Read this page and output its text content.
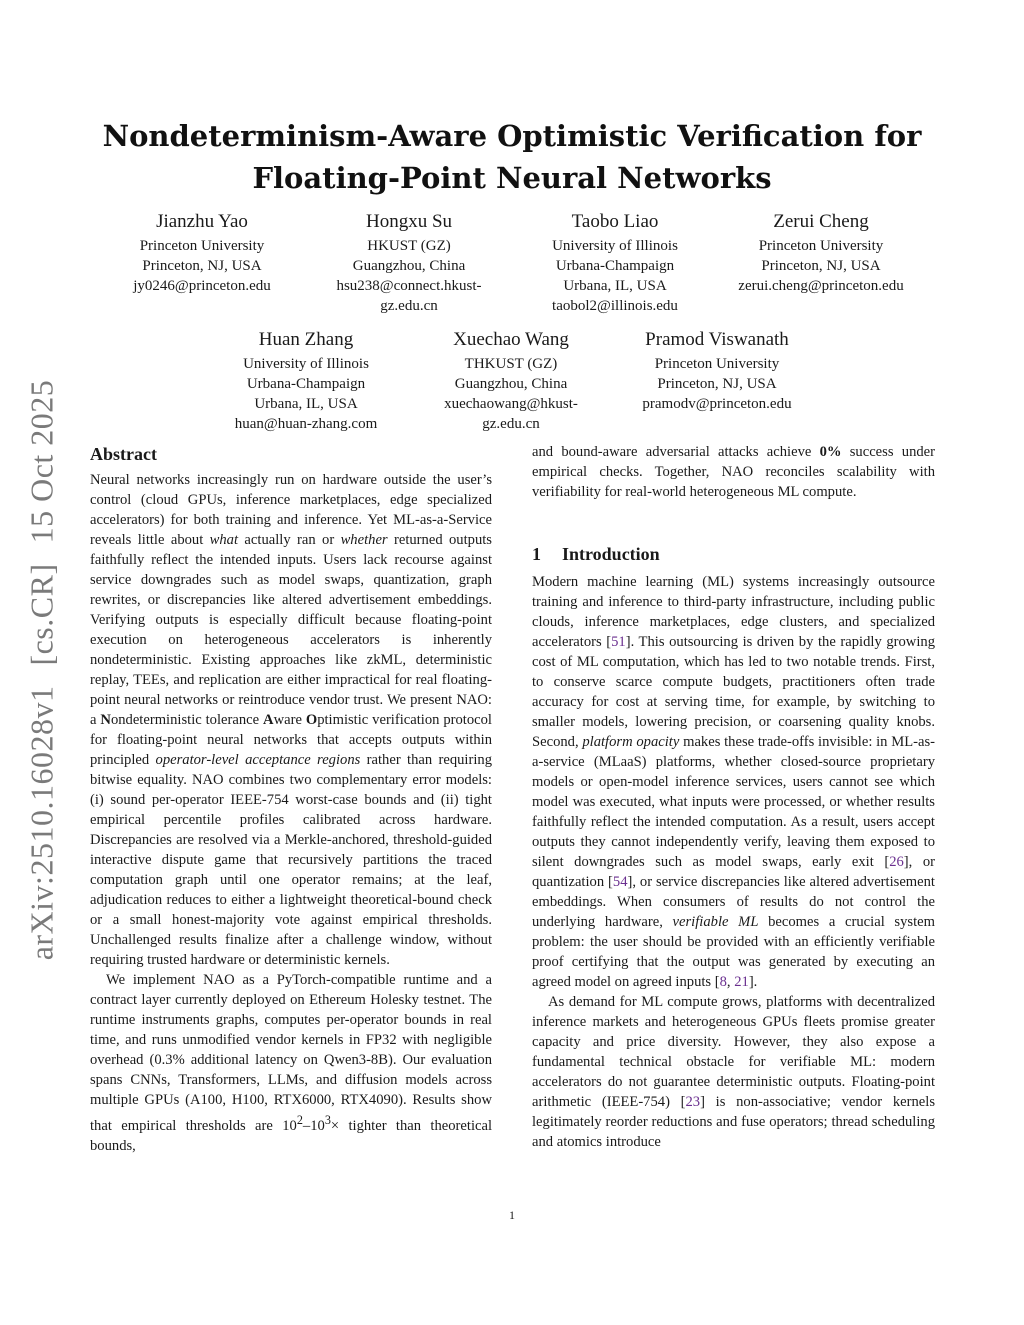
Nondeterminism-Aware Optimistic Verification for
Floating-Point Neural Networks
Jianzhu Yao
Princeton University
Princeton, NJ, USA
jy0246@princeton.edu
Hongxu Su
HKUST (GZ)
Guangzhou, China
hsu238@connect.hkust-
gz.edu.cn
Taobo Liao
University of Illinois
Urbana-Champaign
Urbana, IL, USA
taobol2@illinois.edu
Zerui Cheng
Princeton University
Princeton, NJ, USA
zerui.cheng@princeton.edu
Huan Zhang
University of Illinois
Urbana-Champaign
Urbana, IL, USA
huan@huan-zhang.com
Xuechao Wang
THKUST (GZ)
Guangzhou, China
xuechaowang@hkust-
gz.edu.cn
Pramod Viswanath
Princeton University
Princeton, NJ, USA
pramodv@princeton.edu
arXiv:2510.16028v1[cs.CR]15 Oct 2025 Abstract

Neural networks increasingly run on hardware outside the user’s control (cloud GPUs, inference marketplaces, edge specialized accelerators) for both training and inference. Yet ML-as-a-Service reveals little about what actually ran or whether returned outputs faithfully reflect the intended inputs. Users lack recourse against service downgrades such as model swaps, quantization, graph rewrites, or discrepancies like altered advertisement embeddings. Verifying outputs is especially difficult because floating-point execution on heterogeneous accelerators is inherently nondeterministic. Existing approaches like zkML, deterministic replay, TEEs, and replication are either impractical for real floating-point neural networks or reintroduce vendor trust. We present NAO: a Nondeterministic tolerance Aware Optimistic verification protocol for floating-point neural networks that accepts outputs within principled operator-level acceptance regions rather than requiring bitwise equality. NAO combines two complementary error models: (i) sound per-operator IEEE-754 worst-case bounds and (ii) tight empirical percentile profiles calibrated across hardware. Discrepancies are resolved via a Merkle-anchored, threshold-guided interactive dispute game that recursively partitions the traced computation graph until one operator remains; at the leaf, adjudication reduces to either a lightweight theoretical-bound check or a small honest-majority vote against empirical thresholds. Unchallenged results finalize after a challenge window, without requiring trusted hardware or deterministic kernels.

We implement NAO as a PyTorch-compatible runtime and a contract layer currently deployed on Ethereum Holesky testnet. The runtime instruments graphs, computes per-operator bounds in real time, and runs unmodified vendor kernels in FP32 with negligible overhead (0.3% additional latency on Qwen3-8B). Our evaluation spans CNNs, Transformers, LLMs, and diffusion models across multiple GPUs (A100, H100, RTX6000, RTX4090). Results show that empirical thresholds are $10^2-10^3\times$ tighter than theoretical bounds,

and bound-aware adversarial attacks achieve 0% success under empirical checks. Together, NAO reconciles scalability with verifiability for real-world heterogeneous ML compute.

1 Introduction

Modern machine learning (ML) systems increasingly outsource training and inference to third-party infrastructure, including public clouds, inference marketplaces, edge clusters, and specialized accelerators [51]. This outsourcing is driven by the rapidly growing cost of ML computation, which has led to two notable trends. First, to conserve scarce compute budgets, practitioners often trade accuracy for cost at serving time, for example, by switching to smaller models, lowering precision, or coarsening quality knobs. Second, platform opacity makes these trade-offs invisible: in ML-as-a-service (MLaaS) platforms, whether closed-source proprietary models or open-model inference services, users cannot see which model was executed, what inputs were processed, or whether results faithfully reflect the intended computation. As a result, users accept outputs they cannot independently verify, leaving them exposed to silent downgrades such as model swaps, early exit [26], or quantization [54], or service discrepancies like altered advertisement embeddings. When consumers of results do not control the underlying hardware, verifiable ML becomes a crucial system problem: the user should be provided with an efficiently verifiable proof certifying that the output was generated by executing an agreed model on agreed inputs [8, 21].

As demand for ML compute grows, platforms with decentralized inference markets and heterogeneous GPUs fleets promise greater capacity and price diversity. However, they also expose a fundamental technical obstacle for verifiable ML: modern accelerators do not guarantee deterministic outputs. Floating-point arithmetic (IEEE-754) [23] is non-associative; vendor kernels legitimately reorder reductions and fuse operators; thread scheduling and atomics introduce

1
